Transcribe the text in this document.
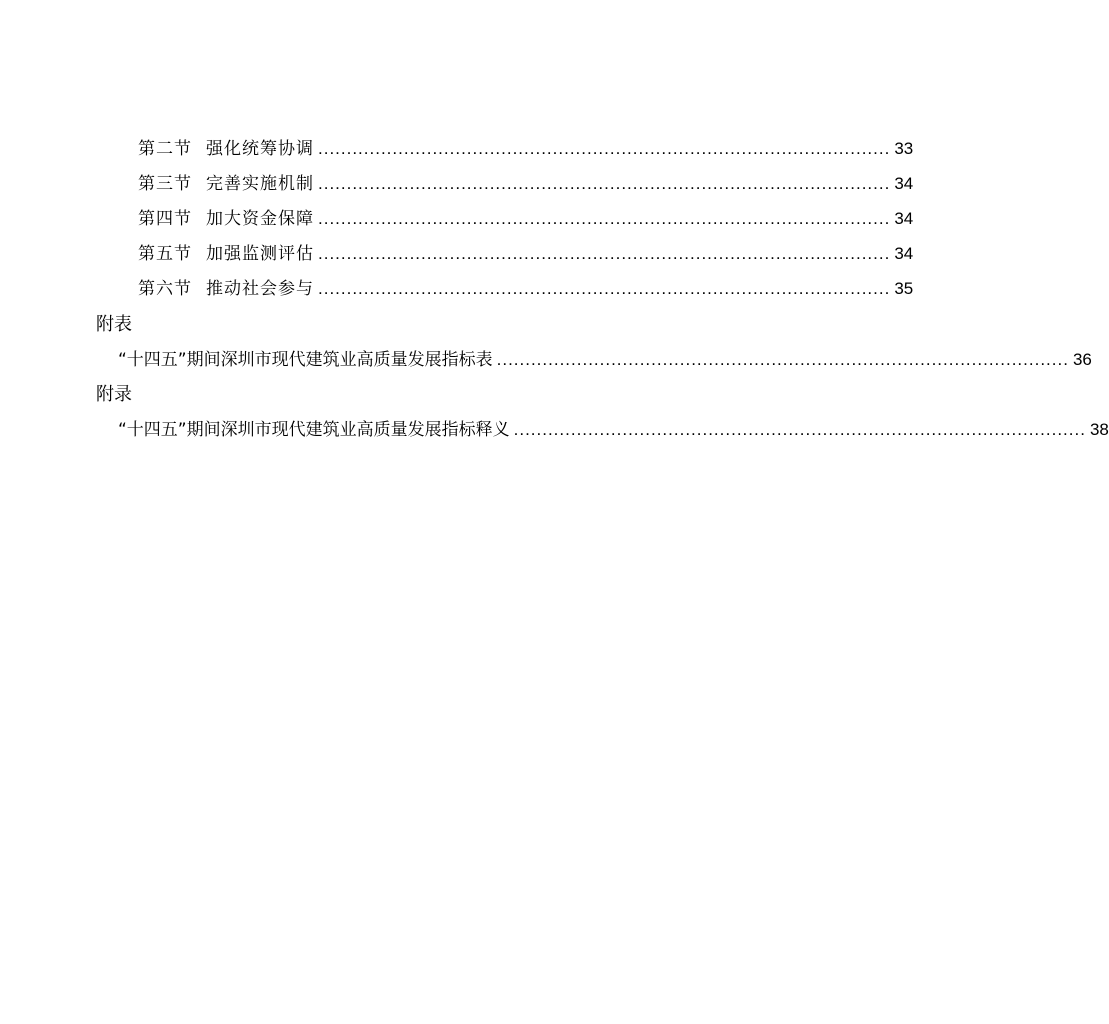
第二节 强化统筹协调 .................................................................................................... 33
第三节 完善实施机制 .................................................................................................... 34
第四节 加大资金保障 .................................................................................................... 34
第五节 加强监测评估 .................................................................................................... 34
第六节 推动社会参与 .................................................................................................... 35
附表
“十四五”期间深圳市现代建筑业高质量发展指标表 .................................................................................................... 36
附录
“十四五”期间深圳市现代建筑业高质量发展指标释义 .................................................................................................... 38
